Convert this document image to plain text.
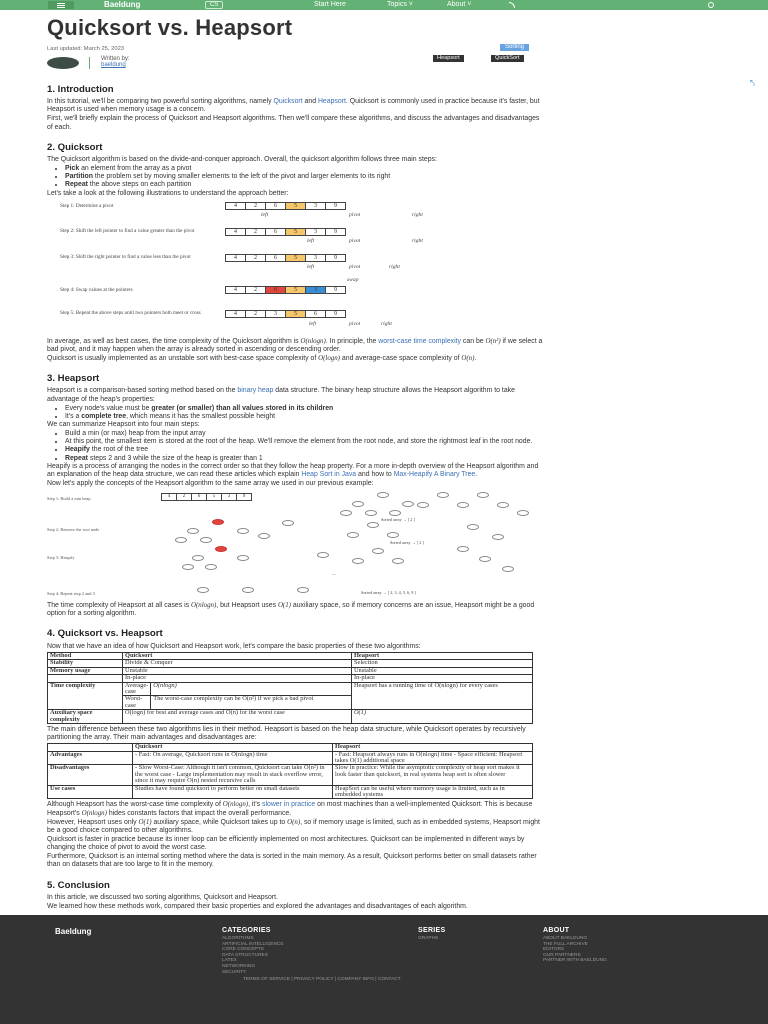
Baeldung	CS	Start Here	Topics ˅	About ˅
⤣
Quicksort vs. Heapsort
Last updated: March 25, 2023
Written by:
baeldung
Sorting
Heapsort	QuickSort
1. Introduction

In this tutorial, we'll be comparing two powerful sorting algorithms, namely Quicksort and Heapsort. Quicksort is commonly used in practice because it's faster, but Heapsort is used when memory usage is a concern.

First, we'll briefly explain the process of Quicksort and Heapsort algorithms. Then we'll compare these algorithms, and discuss the advantages and disadvantages of each.

2. Quicksort

The Quicksort algorithm is based on the divide-and-conquer approach. Overall, the quicksort algorithm follows three main steps:

• Pick an element from the array as a pivot
• Partition the problem set by moving smaller elements to the left of the pivot and larger elements to its right
• Repeat the above steps on each partition

Let's take a look at the following illustrations to understand the approach better:

Step 1: Determine a pivot	4	2	6	5	3	9
left	pivot	right
Step 2: Shift the left pointer to find a value greater than the pivot	4	2	6	5	3	9
left	pivot	right
Step 3: Shift the right pointer to find a value less than the pivot	4	2	6	5	3	9
left	pivot	right
swap
Step 4: Swap values at the pointers	4	2	6	5	3	9
Step 5: Repeat the above steps until two pointers both meet or cross	4	2	3	5	6	9
left	pivot	right

In average, as well as best cases, the time complexity of the Quicksort algorithm is O(nlogn). In principle, the worst-case time complexity can be O(n²) if we select a bad pivot, and it may happen when the array is already sorted in ascending or descending order.

Quicksort is usually implemented as an unstable sort with best-case space complexity of O(logn) and average-case space complexity of O(n).

3. Heapsort

Heapsort is a comparison-based sorting method based on the binary heap data structure. The binary heap structure allows the Heapsort algorithm to take advantage of the heap's properties:

• Every node's value must be greater (or smaller) than all values stored in its children
• It's a complete tree, which means it has the smallest possible height

We can summarize Heapsort into four main steps:

• Build a min (or max) heap from the input array
• At this point, the smallest item is stored at the root of the heap. We'll remove the element from the root node, and store the rightmost leaf in the root node.
• Heapify the root of the tree
• Repeat steps 2 and 3 while the size of the heap is greater than 1

Heapify is a process of arranging the nodes in the correct order so that they follow the heap property. For a more in-depth overview of the Heapsort algorithm and an explanation of the heap data structure, we can read these articles which explain Heap Sort in Java and how to Max-Heapify A Binary Tree.

Now let's apply the concepts of the Heapsort algorithm to the same array we used in our previous example:

Step 1: Build a min heap	4	2	6	5	3	9
Sorted array → [ 2 ]
Step 2: Remove the root node
Sorted array → [ 2 ]
Step 3: Heapify
...
Step 4: Repeat step 2 and 3	Sorted array → [ 2, 3, 4, 5, 6, 9 ]

The time complexity of Heapsort at all cases is O(nlogn), but Heapsort uses O(1) auxiliary space, so if memory concerns are an issue, Heapsort might be a good option for a sorting algorithm.

4. Quicksort vs. Heapsort

Now that we have an idea of how Quicksort and Heapsort work, let's compare the basic properties of these two algorithms:

Method	Quicksort		Heapsort
Stability	Divide & Conquer		Selection
Memory usage	Unstable		Unstable
	In-place		In-place
Time complexity	Average-case	O(nlogn)	Heapsort has a running time of O(nlogn) for every cases
	Worst-case	The worst-case complexity can be O(n²) if we pick a bad pivot	
Auxiliary space complexity	O(logn) for best and average cases and O(n) for the worst case		O(1)

The main difference between these two algorithms lies in their method. Heapsort is based on the heap data structure, while Quicksort operates by recursively partitioning the array. Their main advantages and disadvantages are:

	Quicksort	Heapsort
Advantages	- Fast: On average, Quicksort runs in O(nlogn) time	- Fast: Heapsort always runs in O(nlogn) time - Space efficient: Heapsort takes O(1) additional space
Disadvantages	- Slow Worst-Case: Although it isn't common, Quicksort can take O(n²) in the worst case - Large implementation may result in stack overflow error, since it may require O(n) nested recursive calls	Slow in practice: While the asymptotic complexity of heap sort makes it look faster than quicksort, in real systems heap sort is often slower
Use cases	Studies have found quicksort to perform better on small datasets	HeapSort can be useful where memory usage is limited, such as in embedded systems

Although Heapsort has the worst-case time complexity of O(nlogn), it's slower in practice on most machines than a well-implemented Quicksort. This is because Heapsort's O(nlogn) hides constants factors that impact the overall performance.

However, Heapsort uses only O(1) auxiliary space, while Quicksort takes up to O(n), so if memory usage is limited, such as in embedded systems, Heapsort might be a good choice compared to other algorithms.

Quicksort is faster in practice because its inner loop can be efficiently implemented on most architectures. Quicksort can be implemented in different ways by changing the choice of pivot to avoid the worst case.

Furthermore, Quicksort is an internal sorting method where the data is sorted in the main memory. As a result, Quicksort performs better on small datasets rather than on datasets that are too large to fit in the memory.

5. Conclusion

In this article, we discussed two sorting algorithms, Quicksort and Heapsort.

We learned how these methods work, compared their basic properties and explored the advantages and disadvantages of each algorithm.

Baeldung	CATEGORIES
ALGORITHMS
ARTIFICIAL INTELLIGENCE
CORE CONCEPTS
DATA STRUCTURES
LATEX
NETWORKING
SECURITY
SERIES
GRAPHS
ABOUT
ABOUT BAELDUNG
THE FULL ARCHIVE
EDITORS
OUR PARTNERS
PARTNER WITH BAELDUNG
TERMS OF SERVICE | PRIVACY POLICY | COMPANY INFO | CONTACT
